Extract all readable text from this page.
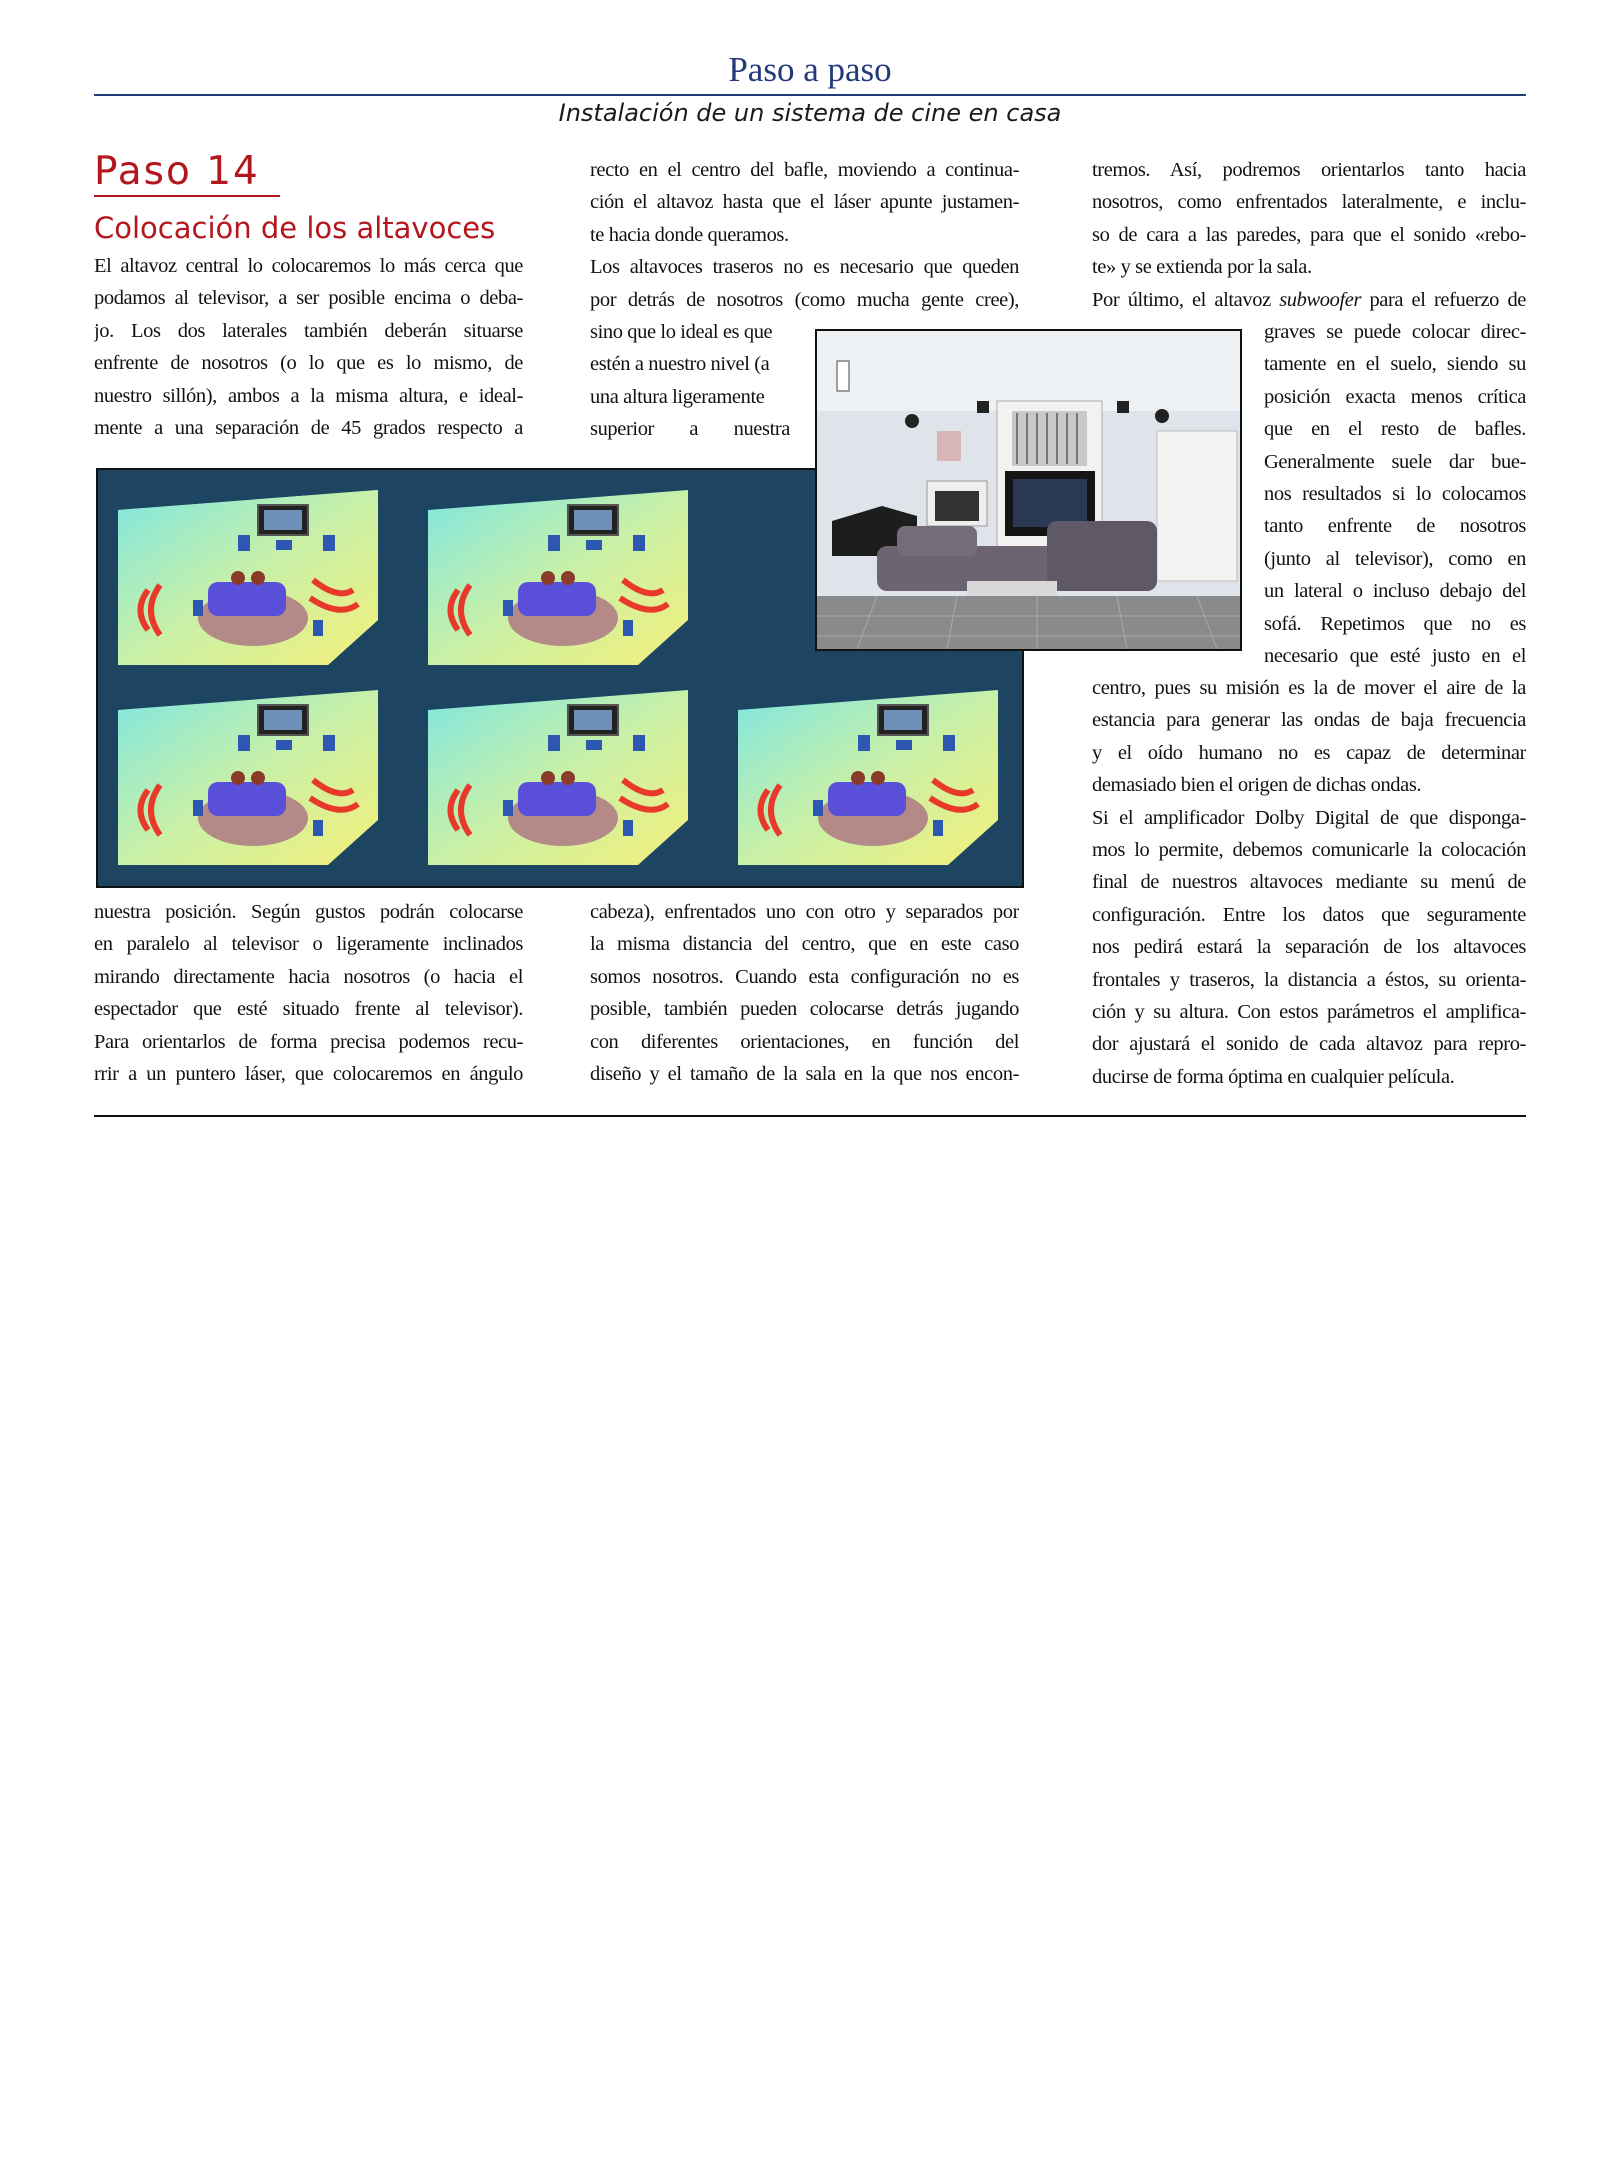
Paso a paso
Instalación de un sistema de cine en casa
Paso 14
Colocación de los altavoces
El altavoz central lo colocaremos lo más cerca que
podamos al televisor, a ser posible encima o deba-
jo. Los dos laterales también deberán situarse
enfrente de nosotros (o lo que es lo mismo, de
nuestro sillón), ambos a la misma altura, e ideal-
mente a una separación de 45 grados respecto a
recto en el centro del bafle, moviendo a continua-
ción el altavoz hasta que el láser apunte justamen-
te hacia donde queramos.
Los altavoces traseros no es necesario que queden
por detrás de nosotros (como mucha gente cree),
sino que lo ideal es que
estén a nuestro nivel (a
una altura ligeramente
superior a nuestra
tremos. Así, podremos orientarlos tanto hacia
nosotros, como enfrentados lateralmente, e inclu-
so de cara a las paredes, para que el sonido «rebo-
te» y se extienda por la sala.
Por último, el altavoz subwoofer para el refuerzo de
graves se puede colocar direc-
tamente en el suelo, siendo su
posición exacta menos crítica
que en el resto de bafles.
Generalmente suele dar bue-
nos resultados si lo colocamos
tanto enfrente de nosotros
(junto al televisor), como en
un lateral o incluso debajo del
sofá. Repetimos que no es
necesario que esté justo en el
centro, pues su misión es la de mover el aire de la
estancia para generar las ondas de baja frecuencia
y el oído humano no es capaz de determinar
demasiado bien el origen de dichas ondas.
Si el amplificador Dolby Digital de que disponga-
mos lo permite, debemos comunicarle la colocación
final de nuestros altavoces mediante su menú de
configuración. Entre los datos que seguramente
nos pedirá estará la separación de los altavoces
frontales y traseros, la distancia a éstos, su orienta-
ción y su altura. Con estos parámetros el amplifica-
dor ajustará el sonido de cada altavoz para repro-
ducirse de forma óptima en cualquier película.
nuestra posición. Según gustos podrán colocarse
en paralelo al televisor o ligeramente inclinados
mirando directamente hacia nosotros (o hacia el
espectador que esté situado frente al televisor).
Para orientarlos de forma precisa podemos recu-
rrir a un puntero láser, que colocaremos en ángulo
cabeza), enfrentados uno con otro y separados por
la misma distancia del centro, que en este caso
somos nosotros. Cuando esta configuración no es
posible, también pueden colocarse detrás jugando
con diferentes orientaciones, en función del
diseño y el tamaño de la sala en la que nos encon-
